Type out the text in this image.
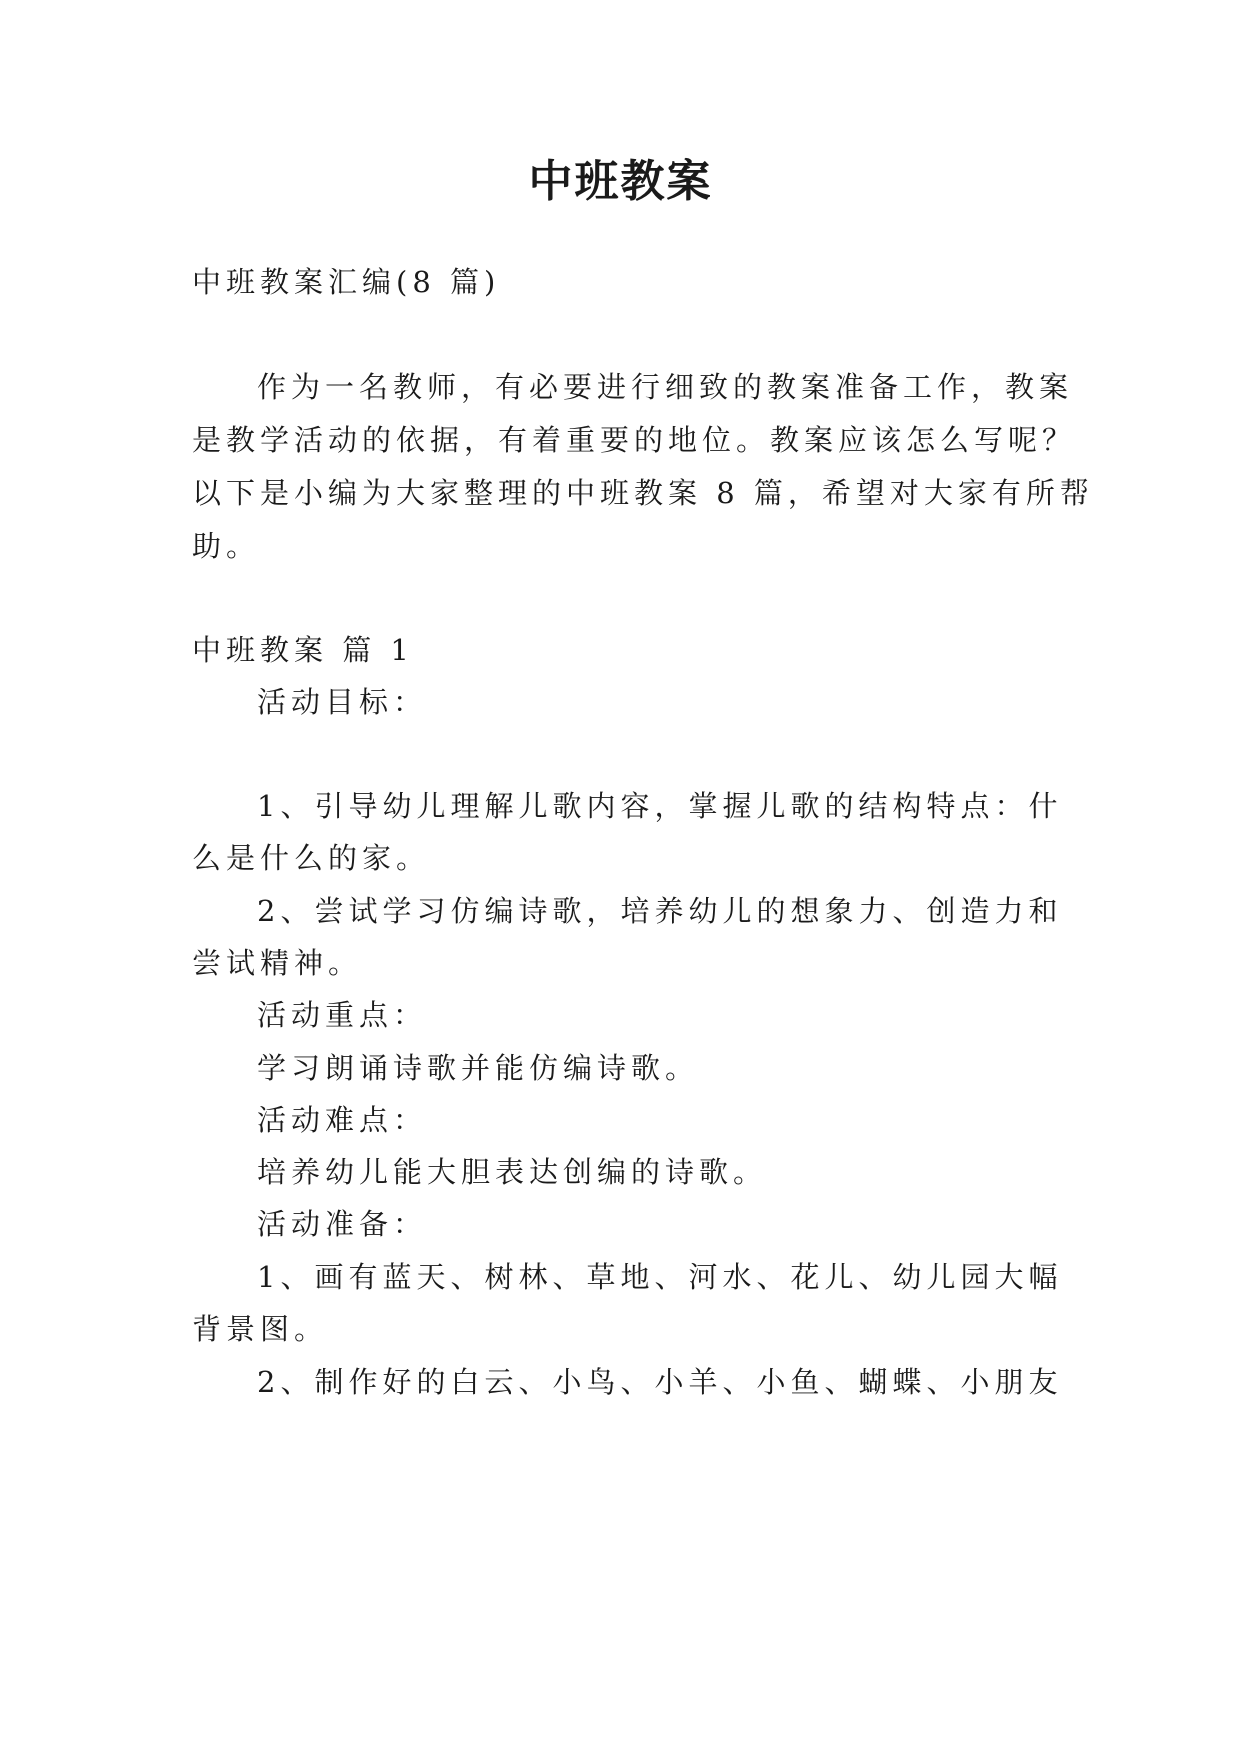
中班教案
中班教案汇编(8 篇)
作为一名教师，有必要进行细致的教案准备工作，教案
是教学活动的依据，有着重要的地位。教案应该怎么写呢？
以下是小编为大家整理的中班教案 8 篇，希望对大家有所帮
助。
中班教案 篇 1
活动目标：
1、引导幼儿理解儿歌内容，掌握儿歌的结构特点：什
么是什么的家。
2、尝试学习仿编诗歌，培养幼儿的想象力、创造力和
尝试精神。
活动重点：
学习朗诵诗歌并能仿编诗歌。
活动难点：
培养幼儿能大胆表达创编的诗歌。
活动准备：
1、画有蓝天、树林、草地、河水、花儿、幼儿园大幅
背景图。
2、制作好的白云、小鸟、小羊、小鱼、蝴蝶、小朋友
